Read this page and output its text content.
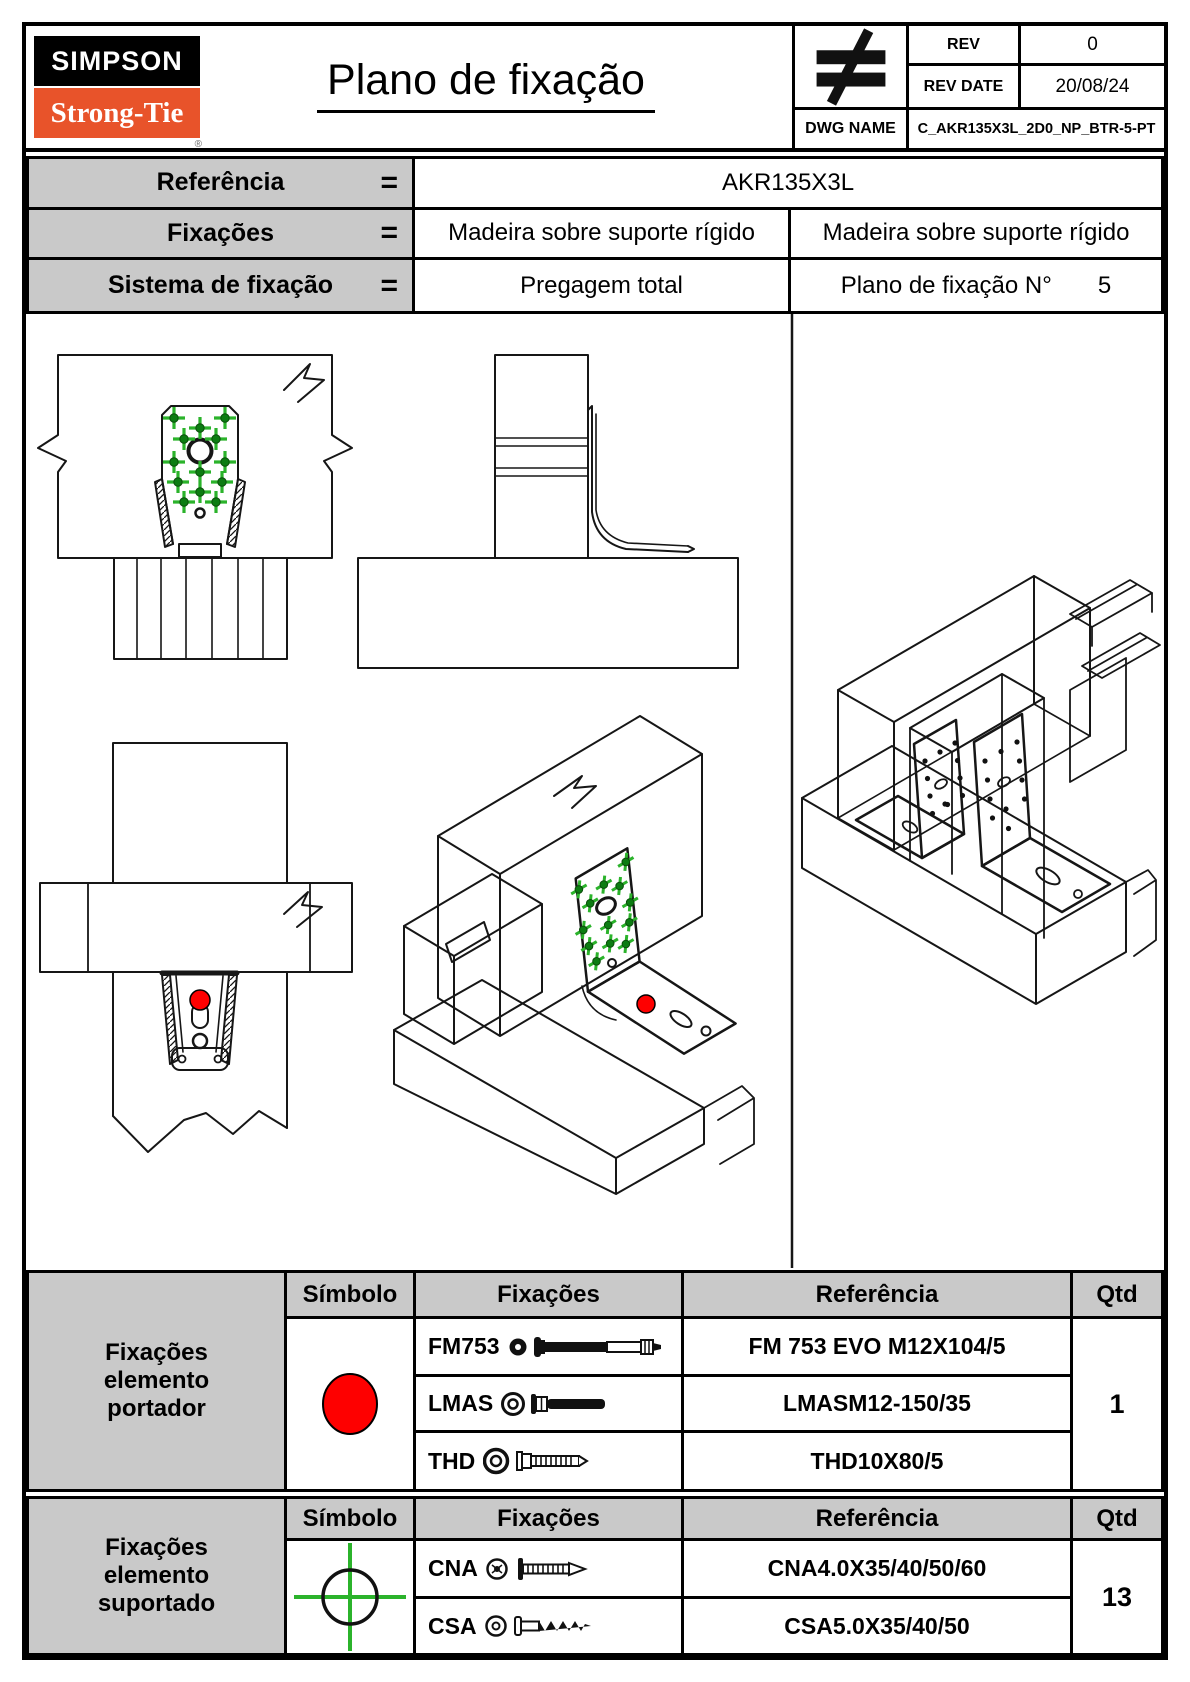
SIMPSON
Strong-Tie
®
Plano de fixação
REV	0
REV DATE	20/08/24
DWG NAME	C_AKR135X3L_2D0_NP_BTR-5-PT
Referência	=	AKR135X3L
Fixações	=	Madeira sobre suporte rígido	Madeira sobre suporte rígido
Sistema de fixação =	Pregagem total	Plano de fixação N° 5
Fixações elemento portador
Símbolo	Fixações	Referência	Qtd
FM753	FM 753 EVO M12X104/5
1
LMAS	LMASM12-150/35
THD	THD10X80/5
Fixações elemento suportado
Símbolo	Fixações	Referência	Qtd
CNA	CNA4.0X35/40/50/60
13
CSA	CSA5.0X35/40/50
